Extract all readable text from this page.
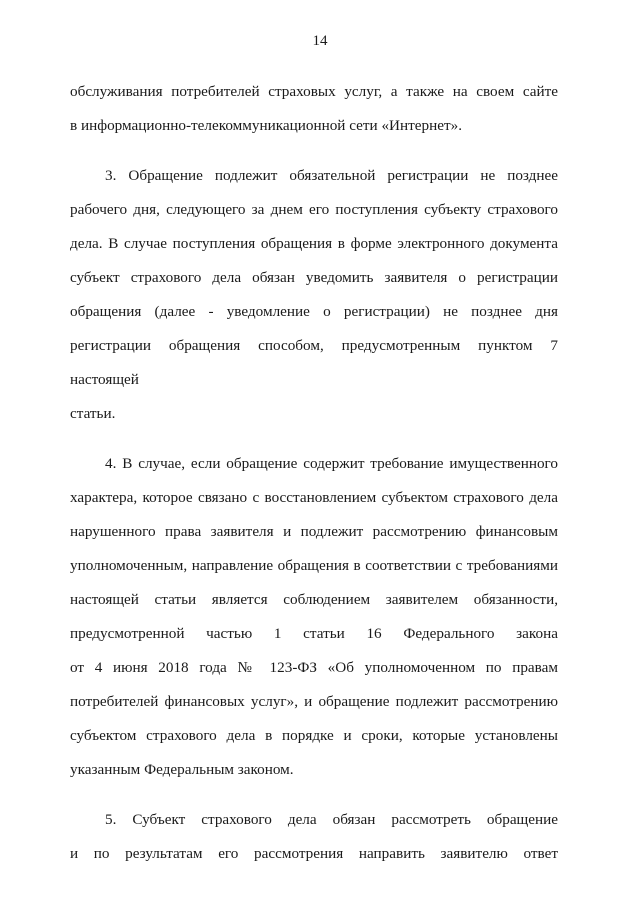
14
обслуживания потребителей страховых услуг, а также на своем сайте
в информационно-телекоммуникационной сети «Интернет».
3. Обращение подлежит обязательной регистрации не позднее
рабочего дня, следующего за днем его поступления субъекту страхового
дела. В случае поступления обращения в форме электронного документа
субъект страхового дела обязан уведомить заявителя о регистрации
обращения (далее - уведомление о регистрации) не позднее дня
регистрации обращения способом, предусмотренным пунктом 7 настоящей
статьи.
4. В случае, если обращение содержит требование имущественного
характера, которое связано с восстановлением субъектом страхового дела
нарушенного права заявителя и подлежит рассмотрению финансовым
уполномоченным, направление обращения в соответствии с требованиями
настоящей статьи является соблюдением заявителем обязанности,
предусмотренной частью 1 статьи 16 Федерального закона
от 4 июня 2018 года № 123-ФЗ «Об уполномоченном по правам
потребителей финансовых услуг», и обращение подлежит рассмотрению
субъектом страхового дела в порядке и сроки, которые установлены
указанным Федеральным законом.
5. Субъект страхового дела обязан рассмотреть обращение
и по результатам его рассмотрения направить заявителю ответ
